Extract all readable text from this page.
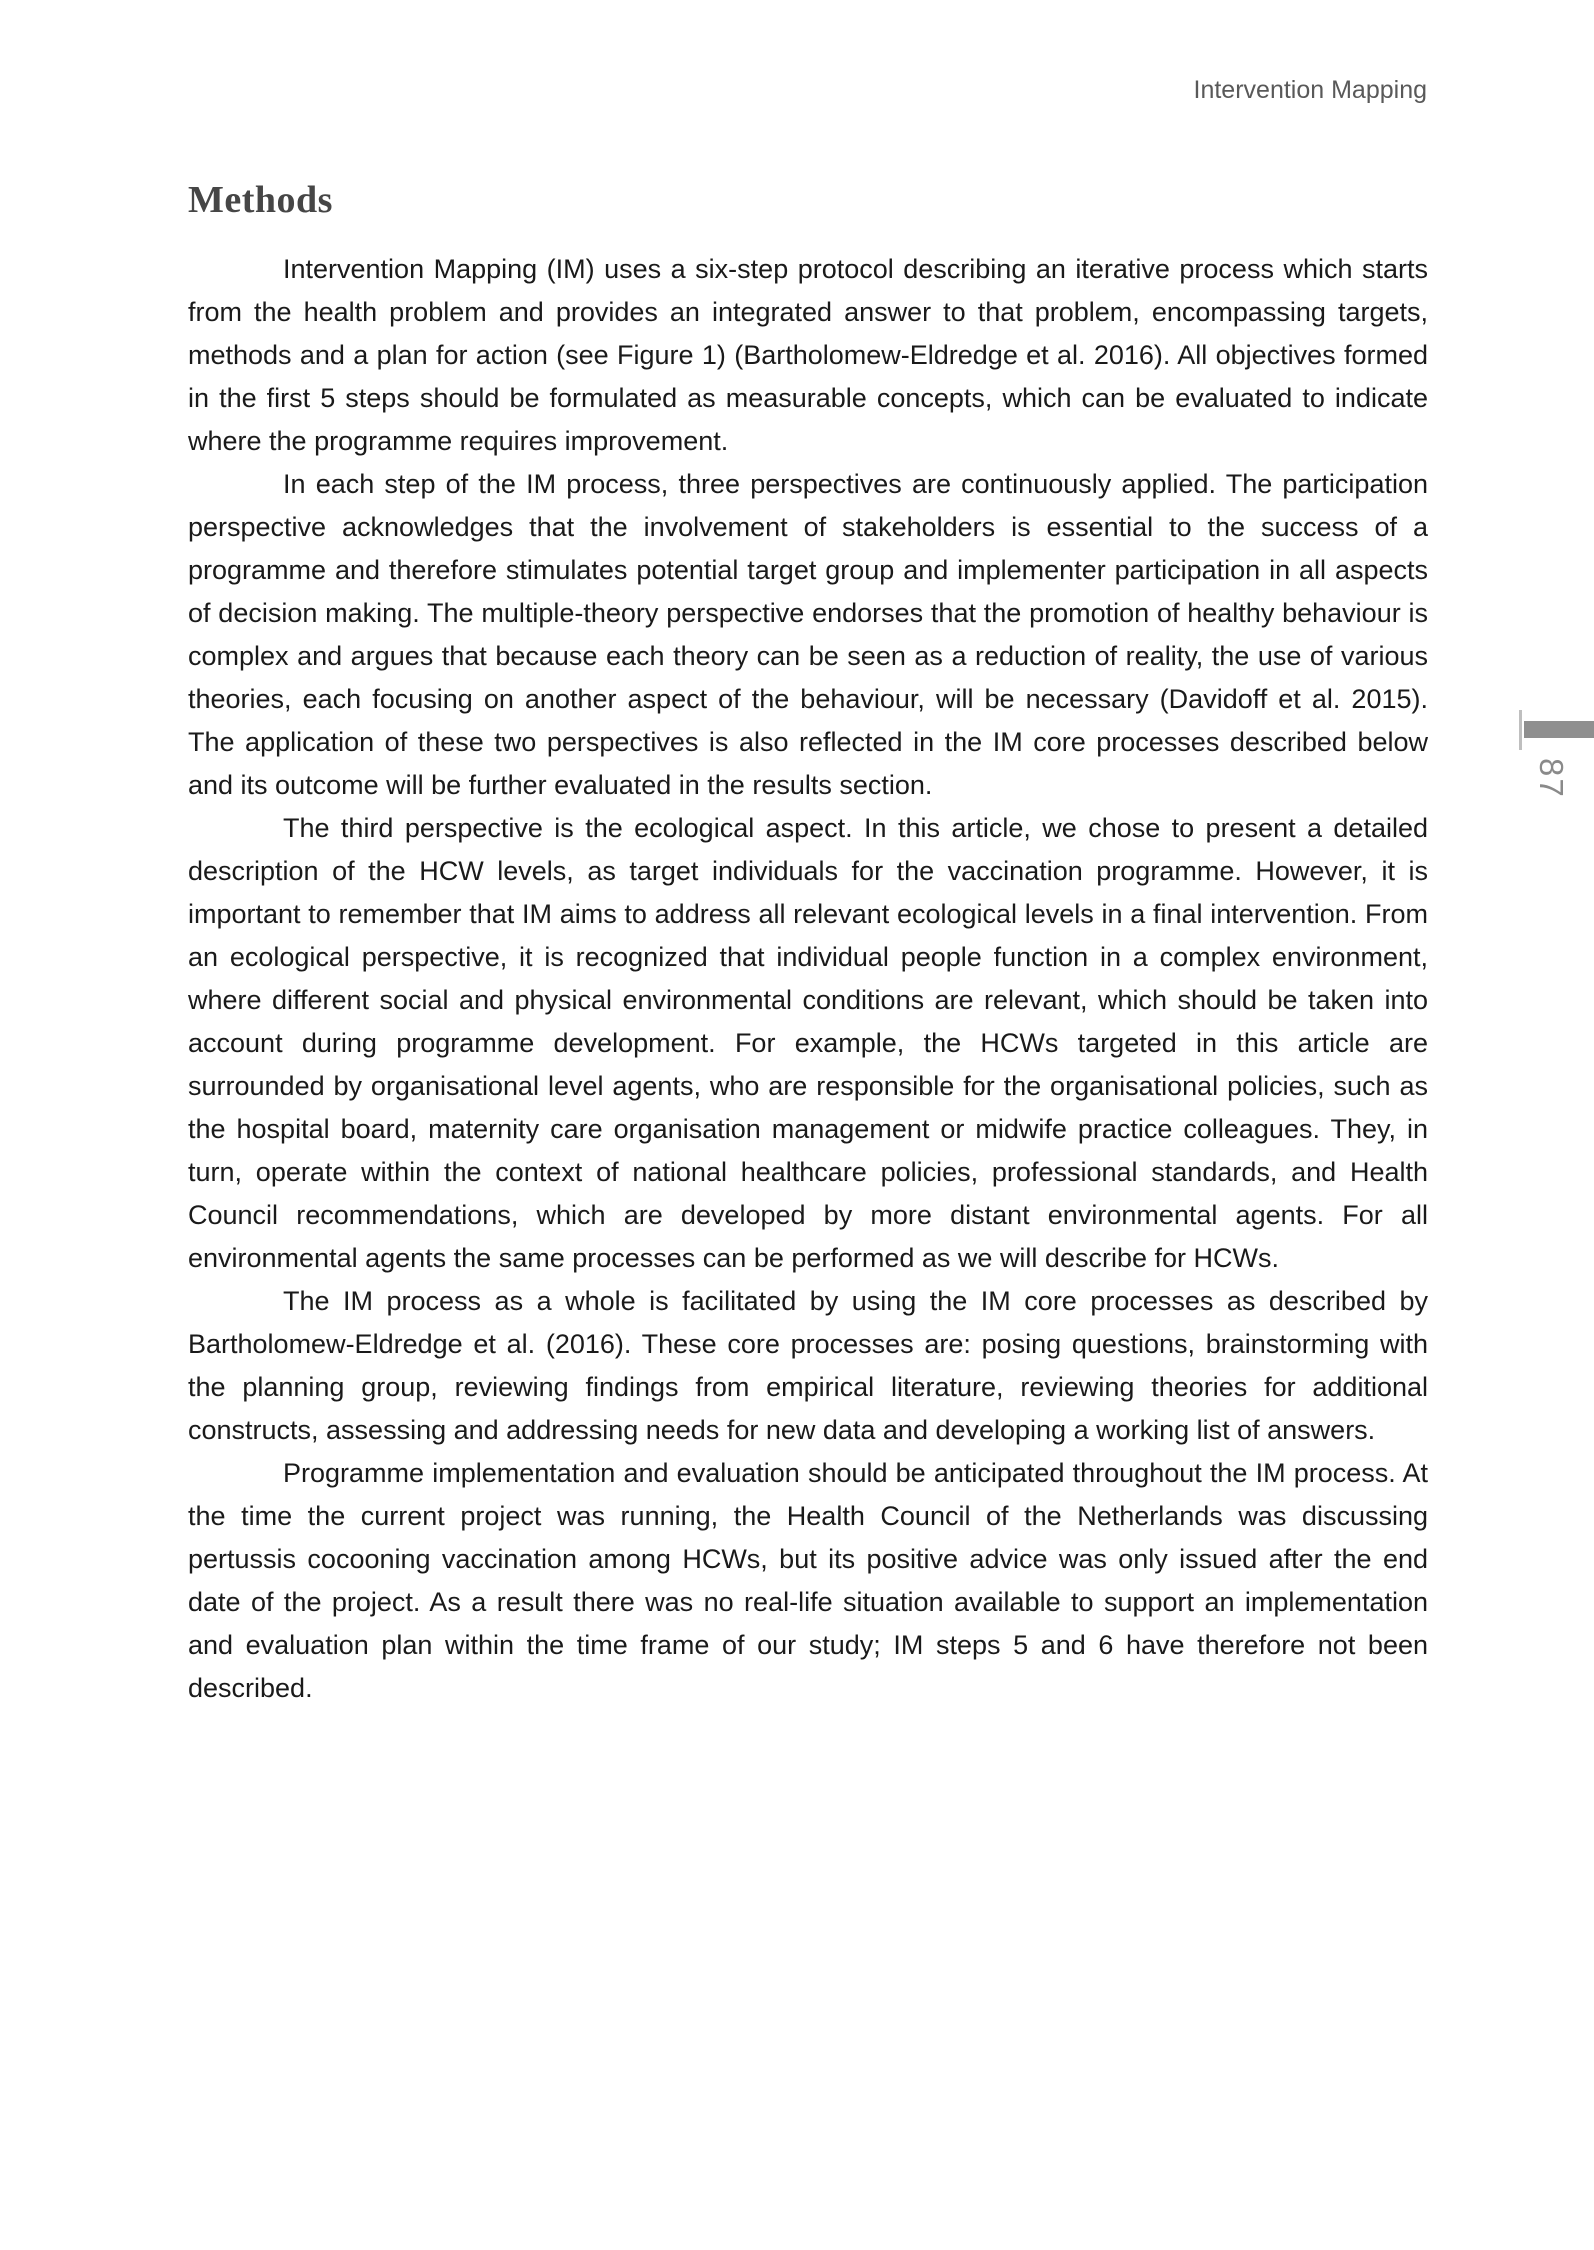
Intervention Mapping
Methods

Intervention Mapping (IM) uses a six-step protocol describing an iterative process which starts from the health problem and provides an integrated answer to that problem, encompassing targets, methods and a plan for action (see Figure 1) (Bartholomew-Eldredge et al. 2016). All objectives formed in the first 5 steps should be formulated as measurable concepts, which can be evaluated to indicate where the programme requires improvement.

In each step of the IM process, three perspectives are continuously applied. The participation perspective acknowledges that the involvement of stakeholders is essential to the success of a programme and therefore stimulates potential target group and implementer participation in all aspects of decision making. The multiple-theory perspective endorses that the promotion of healthy behaviour is complex and argues that because each theory can be seen as a reduction of reality, the use of various theories, each focusing on another aspect of the behaviour, will be necessary (Davidoff et al. 2015). The application of these two perspectives is also reflected in the IM core processes described below and its outcome will be further evaluated in the results section.

The third perspective is the ecological aspect. In this article, we chose to present a detailed description of the HCW levels, as target individuals for the vaccination programme. However, it is important to remember that IM aims to address all relevant ecological levels in a final intervention. From an ecological perspective, it is recognized that individual people function in a complex environment, where different social and physical environmental conditions are relevant, which should be taken into account during programme development. For example, the HCWs targeted in this article are surrounded by organisational level agents, who are responsible for the organisational policies, such as the hospital board, maternity care organisation management or midwife practice colleagues. They, in turn, operate within the context of national healthcare policies, professional standards, and Health Council recommendations, which are developed by more distant environmental agents. For all environmental agents the same processes can be performed as we will describe for HCWs.

The IM process as a whole is facilitated by using the IM core processes as described by Bartholomew-Eldredge et al. (2016). These core processes are: posing questions, brainstorming with the planning group, reviewing findings from empirical literature, reviewing theories for additional constructs, assessing and addressing needs for new data and developing a working list of answers.

Programme implementation and evaluation should be anticipated throughout the IM process. At the time the current project was running, the Health Council of the Netherlands was discussing pertussis cocooning vaccination among HCWs, but its positive advice was only issued after the end date of the project. As a result there was no real-life situation available to support an implementation and evaluation plan within the time frame of our study; IM steps 5 and 6 have therefore not been described.

87
